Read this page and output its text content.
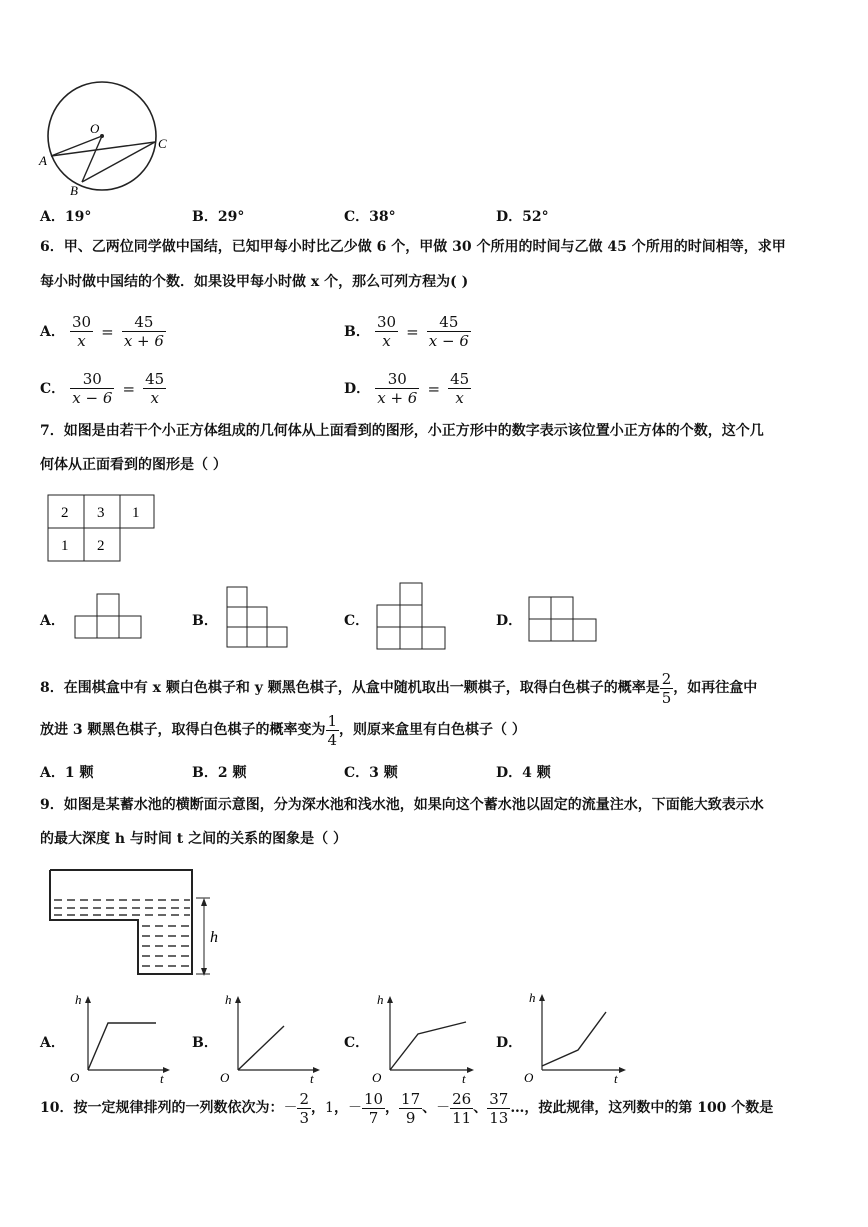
O
A
B
C
A．19°	B．29°	C．38°	D．52°
6．甲、乙两位同学做中国结，已知甲每小时比乙少做 6 个，甲做 30 个所用的时间与乙做 45 个所用的时间相等，求甲
每小时做中国结的个数．如果设甲每小时做 x 个，那么可列方程为( )
A． $\frac{30}{x} = \frac{45}{x + 6}$	B． $\frac{30}{x} = \frac{45}{x - 6}$
C． $\frac{30}{x - 6} = \frac{45}{x}$	D． $\frac{30}{x + 6} = \frac{45}{x}$
7．如图是由若干个小正方体组成的几何体从上面看到的图形，小正方形中的数字表示该位置小正方体的个数，这个几
何体从正面看到的图形是（ ）
2 3 1
1 2
A．	B．	C．	D．
8．在围棋盒中有 x 颗白色棋子和 y 颗黑色棋子，从盒中随机取出一颗棋子，取得白色棋子的概率是 $\frac{2}{5}$ ，如再往盒中
放进 3 颗黑色棋子，取得白色棋子的概率变为 $\frac{1}{4}$ ，则原来盒里有白色棋子（ ）
A．1 颗	B．2 颗	C．3 颗	D．4 颗
9．如图是某蓄水池的横断面示意图，分为深水池和浅水池，如果向这个蓄水池以固定的流量注水，下面能大致表示水
的最大深度 h 与时间 t 之间的关系的图象是（ ）
h
A．
h
O	t
B．
h
O	t
C．
h
O	t
D．
h
O	t
10．按一定规律排列的一列数依次为： － $\frac{2}{3}$ ， 1 ， － $\frac{10}{7}$ ， $\frac{17}{9}$ 、 － $\frac{26}{11}$ 、 $\frac{37}{13}$ …，按此规律，这列数中的第 100 个数是
